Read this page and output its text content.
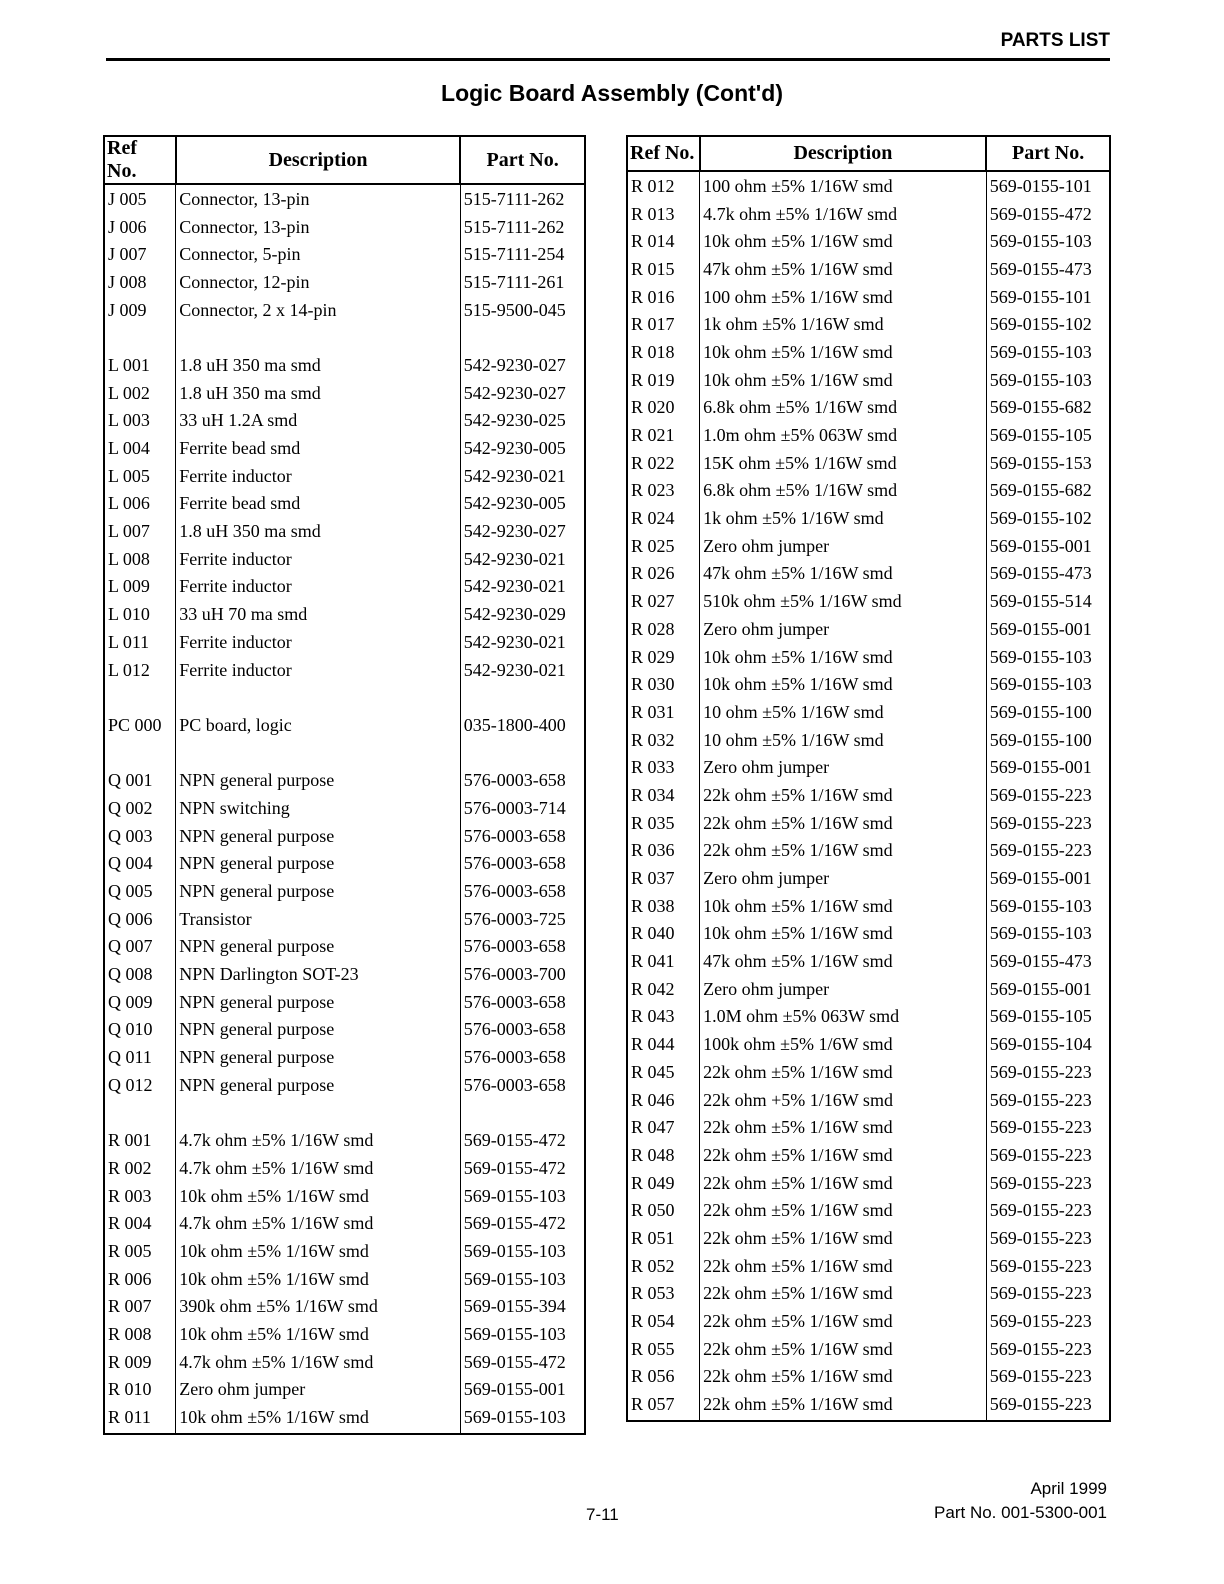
PARTS LIST
Logic Board Assembly (Cont'd)
Ref No.	Description	Part No.
J 005	Connector, 13-pin	515-7111-262
J 006	Connector, 13-pin	515-7111-262
J 007	Connector, 5-pin	515-7111-254
J 008	Connector, 12-pin	515-7111-261
J 009	Connector, 2 x 14-pin	515-9500-045

L 001	1.8 uH 350 ma smd	542-9230-027
L 002	1.8 uH 350 ma smd	542-9230-027
L 003	33 uH 1.2A smd	542-9230-025
L 004	Ferrite bead smd	542-9230-005
L 005	Ferrite inductor	542-9230-021
L 006	Ferrite bead smd	542-9230-005
L 007	1.8 uH 350 ma smd	542-9230-027
L 008	Ferrite inductor	542-9230-021
L 009	Ferrite inductor	542-9230-021
L 010	33 uH 70 ma smd	542-9230-029
L 011	Ferrite inductor	542-9230-021
L 012	Ferrite inductor	542-9230-021

PC 000	PC board, logic	035-1800-400

Q 001	NPN general purpose	576-0003-658
Q 002	NPN switching	576-0003-714
Q 003	NPN general purpose	576-0003-658
Q 004	NPN general purpose	576-0003-658
Q 005	NPN general purpose	576-0003-658
Q 006	Transistor	576-0003-725
Q 007	NPN general purpose	576-0003-658
Q 008	NPN Darlington SOT-23	576-0003-700
Q 009	NPN general purpose	576-0003-658
Q 010	NPN general purpose	576-0003-658
Q 011	NPN general purpose	576-0003-658
Q 012	NPN general purpose	576-0003-658

R 001	4.7k ohm ±5% 1/16W smd	569-0155-472
R 002	4.7k ohm ±5% 1/16W smd	569-0155-472
R 003	10k ohm ±5% 1/16W smd	569-0155-103
R 004	4.7k ohm ±5% 1/16W smd	569-0155-472
R 005	10k ohm ±5% 1/16W smd	569-0155-103
R 006	10k ohm ±5% 1/16W smd	569-0155-103
R 007	390k ohm ±5% 1/16W smd	569-0155-394
R 008	10k ohm ±5% 1/16W smd	569-0155-103
R 009	4.7k ohm ±5% 1/16W smd	569-0155-472
R 010	Zero ohm jumper	569-0155-001
R 011	10k ohm ±5% 1/16W smd	569-0155-103
Ref No.	Description	Part No.
R 012	100 ohm ±5% 1/16W smd	569-0155-101
R 013	4.7k ohm ±5% 1/16W smd	569-0155-472
R 014	10k ohm ±5% 1/16W smd	569-0155-103
R 015	47k ohm ±5% 1/16W smd	569-0155-473
R 016	100 ohm ±5% 1/16W smd	569-0155-101
R 017	1k ohm ±5% 1/16W smd	569-0155-102
R 018	10k ohm ±5% 1/16W smd	569-0155-103
R 019	10k ohm ±5% 1/16W smd	569-0155-103
R 020	6.8k ohm ±5% 1/16W smd	569-0155-682
R 021	1.0m ohm ±5% 063W smd	569-0155-105
R 022	15K ohm ±5% 1/16W smd	569-0155-153
R 023	6.8k ohm ±5% 1/16W smd	569-0155-682
R 024	1k ohm ±5% 1/16W smd	569-0155-102
R 025	Zero ohm jumper	569-0155-001
R 026	47k ohm ±5% 1/16W smd	569-0155-473
R 027	510k ohm ±5% 1/16W smd	569-0155-514
R 028	Zero ohm jumper	569-0155-001
R 029	10k ohm ±5% 1/16W smd	569-0155-103
R 030	10k ohm ±5% 1/16W smd	569-0155-103
R 031	10 ohm ±5% 1/16W smd	569-0155-100
R 032	10 ohm ±5% 1/16W smd	569-0155-100
R 033	Zero ohm jumper	569-0155-001
R 034	22k ohm ±5% 1/16W smd	569-0155-223
R 035	22k ohm ±5% 1/16W smd	569-0155-223
R 036	22k ohm ±5% 1/16W smd	569-0155-223
R 037	Zero ohm jumper	569-0155-001
R 038	10k ohm ±5% 1/16W smd	569-0155-103
R 040	10k ohm ±5% 1/16W smd	569-0155-103
R 041	47k ohm ±5% 1/16W smd	569-0155-473
R 042	Zero ohm jumper	569-0155-001
R 043	1.0M ohm ±5% 063W smd	569-0155-105
R 044	100k ohm ±5% 1/6W smd	569-0155-104
R 045	22k ohm ±5% 1/16W smd	569-0155-223
R 046	22k ohm +5% 1/16W smd	569-0155-223
R 047	22k ohm ±5% 1/16W smd	569-0155-223
R 048	22k ohm ±5% 1/16W smd	569-0155-223
R 049	22k ohm ±5% 1/16W smd	569-0155-223
R 050	22k ohm ±5% 1/16W smd	569-0155-223
R 051	22k ohm ±5% 1/16W smd	569-0155-223
R 052	22k ohm ±5% 1/16W smd	569-0155-223
R 053	22k ohm ±5% 1/16W smd	569-0155-223
R 054	22k ohm ±5% 1/16W smd	569-0155-223
R 055	22k ohm ±5% 1/16W smd	569-0155-223
R 056	22k ohm ±5% 1/16W smd	569-0155-223
R 057	22k ohm ±5% 1/16W smd	569-0155-223
April 1999
Part No. 001-5300-001
7-11
